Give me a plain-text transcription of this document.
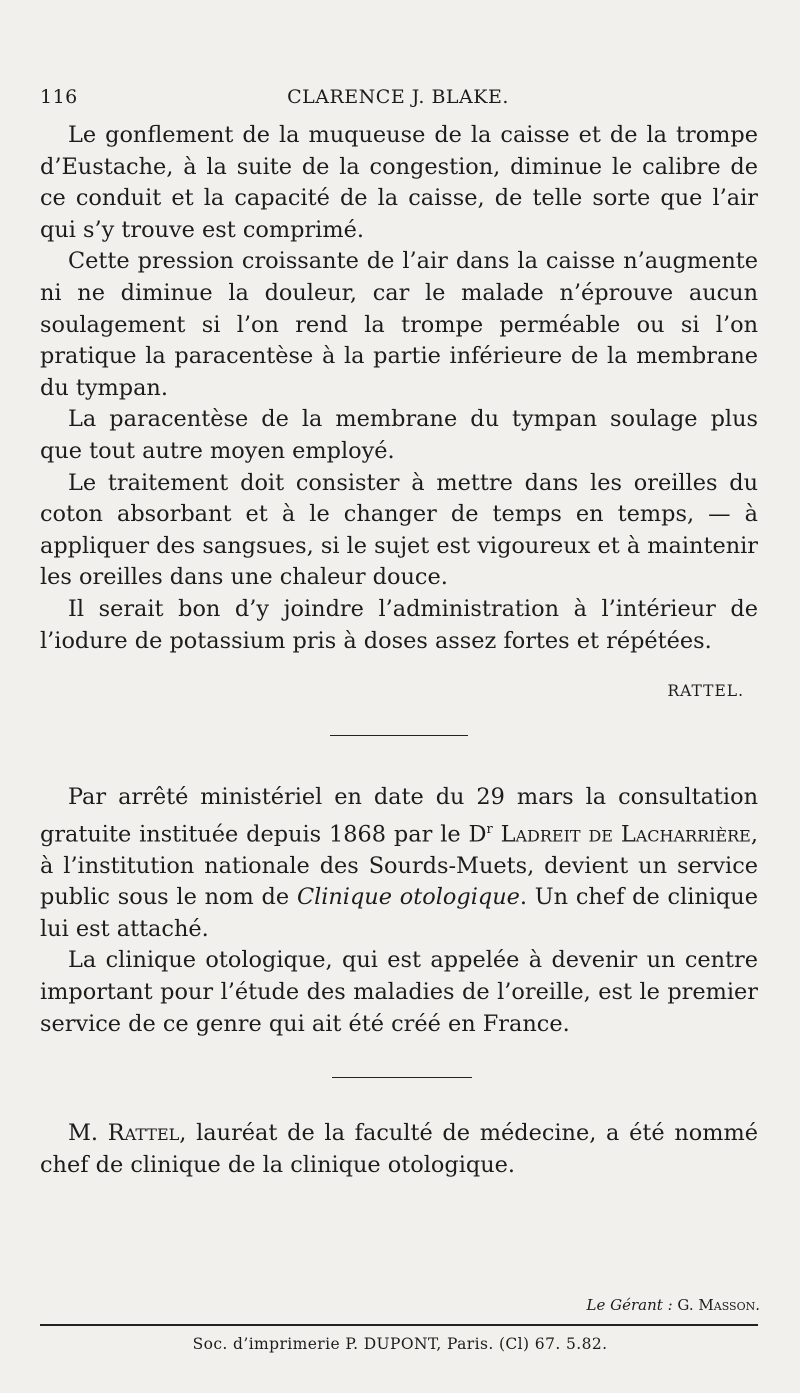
116	CLARENCE J. BLAKE.

Le gonflement de la muqueuse de la caisse et de la trompe d’Eustache, à la suite de la congestion, diminue le calibre de ce conduit et la capacité de la caisse, de telle sorte que l’air qui s’y trouve est comprimé.

Cette pression croissante de l’air dans la caisse n’augmente ni ne diminue la douleur, car le malade n’éprouve aucun soulagement si l’on rend la trompe perméable ou si l’on pratique la paracentèse à la partie inférieure de la membrane du tympan.

La paracentèse de la membrane du tympan soulage plus que tout autre moyen employé.

Le traitement doit consister à mettre dans les oreilles du coton absorbant et à le changer de temps en temps, — à appliquer des sangsues, si le sujet est vigoureux et à maintenir les oreilles dans une chaleur douce.

Il serait bon d’y joindre l’administration à l’intérieur de l’iodure de potassium pris à doses assez fortes et répétées.

RATTEL.

Par arrêté ministériel en date du 29 mars la consultation gratuite instituée depuis 1868 par le $D^r$ Ladreit de Lacharrière, à l’institution nationale des Sourds-Muets, devient un service public sous le nom de Clinique otologique. Un chef de clinique lui est attaché.

La clinique otologique, qui est appelée à devenir un centre important pour l’étude des maladies de l’oreille, est le premier service de ce genre qui ait été créé en France.

M. Rattel, lauréat de la faculté de médecine, a été nommé chef de clinique de la clinique otologique.

Le Gérant : G. Masson.
Soc. d’imprimerie P. DUPONT, Paris. (Cl) 67. 5.82.
